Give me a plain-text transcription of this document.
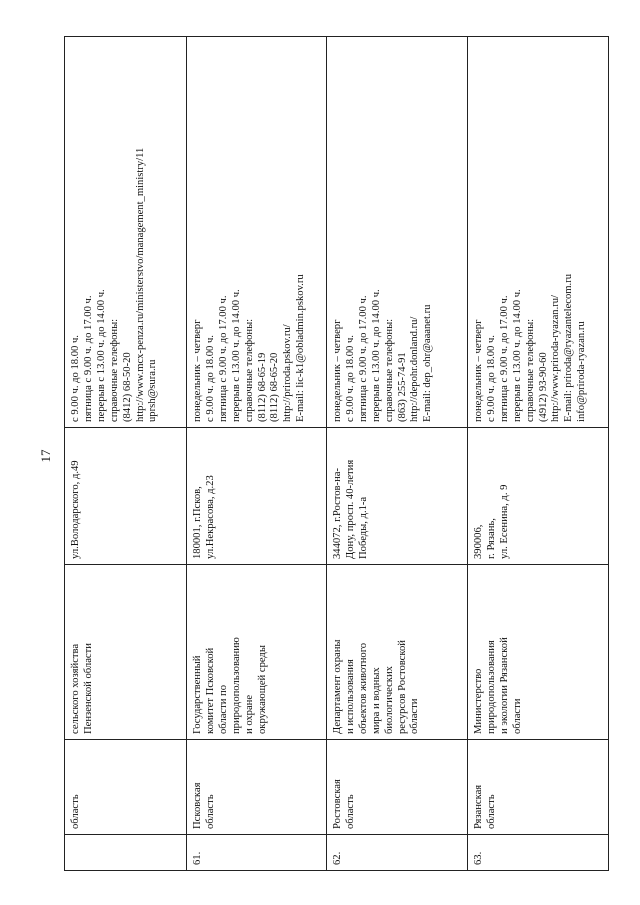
17
область
сельского хозяйства Пензенской области
ул.Володарского, д.49
с 9.00 ч. до 18.00 ч. пятница с 9.00 ч. до 17.00 ч. перерыв с 13.00 ч. до 14.00 ч. справочные телефоны: (8412) 68-50-20 http://www.mcx-penza.ru/ministerstvo/management_ministry/11 uprsh@sura.ru
61.
Псковская область
Государственный комитет Псковской области по природопользованию и охране окружающей среды
180001, г.Псков, ул.Некрасова, д.23
понедельник – четверг с 9.00 ч. до 18.00 ч. пятница с 9.00 ч. до 17.00 ч. перерыв с 13.00 ч. до 14.00 ч. справочные телефоны: (8112) 68-65-19 (8112) 68-65-20 http://priroda.pskov.ru/ E-mail: lic-k1@obladmin.pskov.ru
62.
Ростовская область
Департамент охраны и использования объектов животного мира и водных биологических ресурсов Ростовской области
344072, г.Ростов-на- Дону, просп. 40-летия Победы, д.1-а
понедельник – четверг с 9.00 ч. до 18.00 ч. пятница с 9.00 ч. до 17.00 ч. перерыв с 13.00 ч. до 14.00 ч. справочные телефоны: (863) 255-74-91 http://depohr.donland.ru/ E-mail: dep_ohr@aaanet.ru
63.
Рязанская область
Министерство природопользования и экологии Рязанской области
390006, г. Рязань, ул. Есенина, д. 9
понедельник – четверг с 9.00 ч. до 18.00 ч. пятница с 9.00 ч. до 17.00 ч. перерыв с 13.00 ч. до 14.00 ч. справочные телефоны: (4912) 93-90-60 http://www.priroda-ryazan.ru/ E-mail: priroda@ryazantelecom.ru info@priroda-ryazan.ru
